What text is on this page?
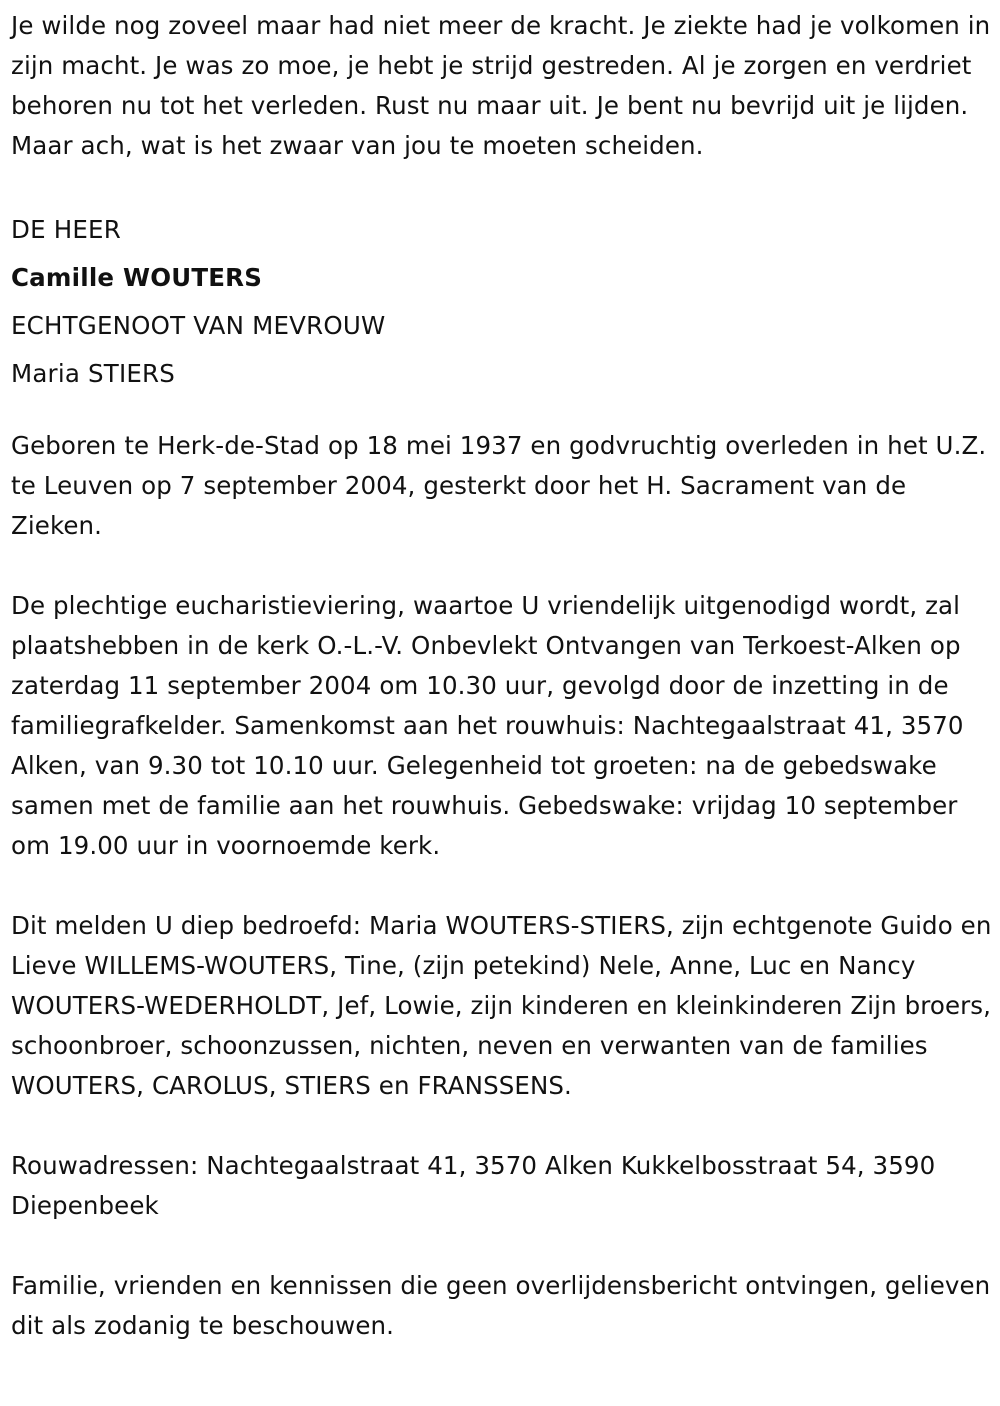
Je wilde nog zoveel maar had niet meer de kracht. Je ziekte had je volkomen in zijn macht. Je was zo moe, je hebt je strijd gestreden. Al je zorgen en verdriet behoren nu tot het verleden. Rust nu maar uit. Je bent nu bevrijd uit je lijden. Maar ach, wat is het zwaar van jou te moeten scheiden.

DE HEER

Camille WOUTERS

ECHTGENOOT VAN MEVROUW

Maria STIERS

Geboren te Herk-de-Stad op 18 mei 1937 en godvruchtig overleden in het U.Z. te Leuven op 7 september 2004, gesterkt door het H. Sacrament van de Zieken.

De plechtige eucharistieviering, waartoe U vriendelijk uitgenodigd wordt, zal plaatshebben in de kerk O.-L.-V. Onbevlekt Ontvangen van Terkoest-Alken op zaterdag 11 september 2004 om 10.30 uur, gevolgd door de inzetting in de familiegrafkelder. Samenkomst aan het rouwhuis: Nachtegaalstraat 41, 3570 Alken, van 9.30 tot 10.10 uur. Gelegenheid tot groeten: na de gebedswake samen met de familie aan het rouwhuis. Gebedswake: vrijdag 10 september om 19.00 uur in voornoemde kerk.

Dit melden U diep bedroefd: Maria WOUTERS-STIERS, zijn echtgenote Guido en Lieve WILLEMS-WOUTERS, Tine, (zijn petekind) Nele, Anne, Luc en Nancy WOUTERS-WEDERHOLDT, Jef, Lowie, zijn kinderen en kleinkinderen Zijn broers, schoonbroer, schoonzussen, nichten, neven en verwanten van de families WOUTERS, CAROLUS, STIERS en FRANSSENS.

Rouwadressen: Nachtegaalstraat 41, 3570 Alken Kukkelbosstraat 54, 3590 Diepenbeek

Familie, vrienden en kennissen die geen overlijdensbericht ontvingen, gelieven dit als zodanig te beschouwen.
